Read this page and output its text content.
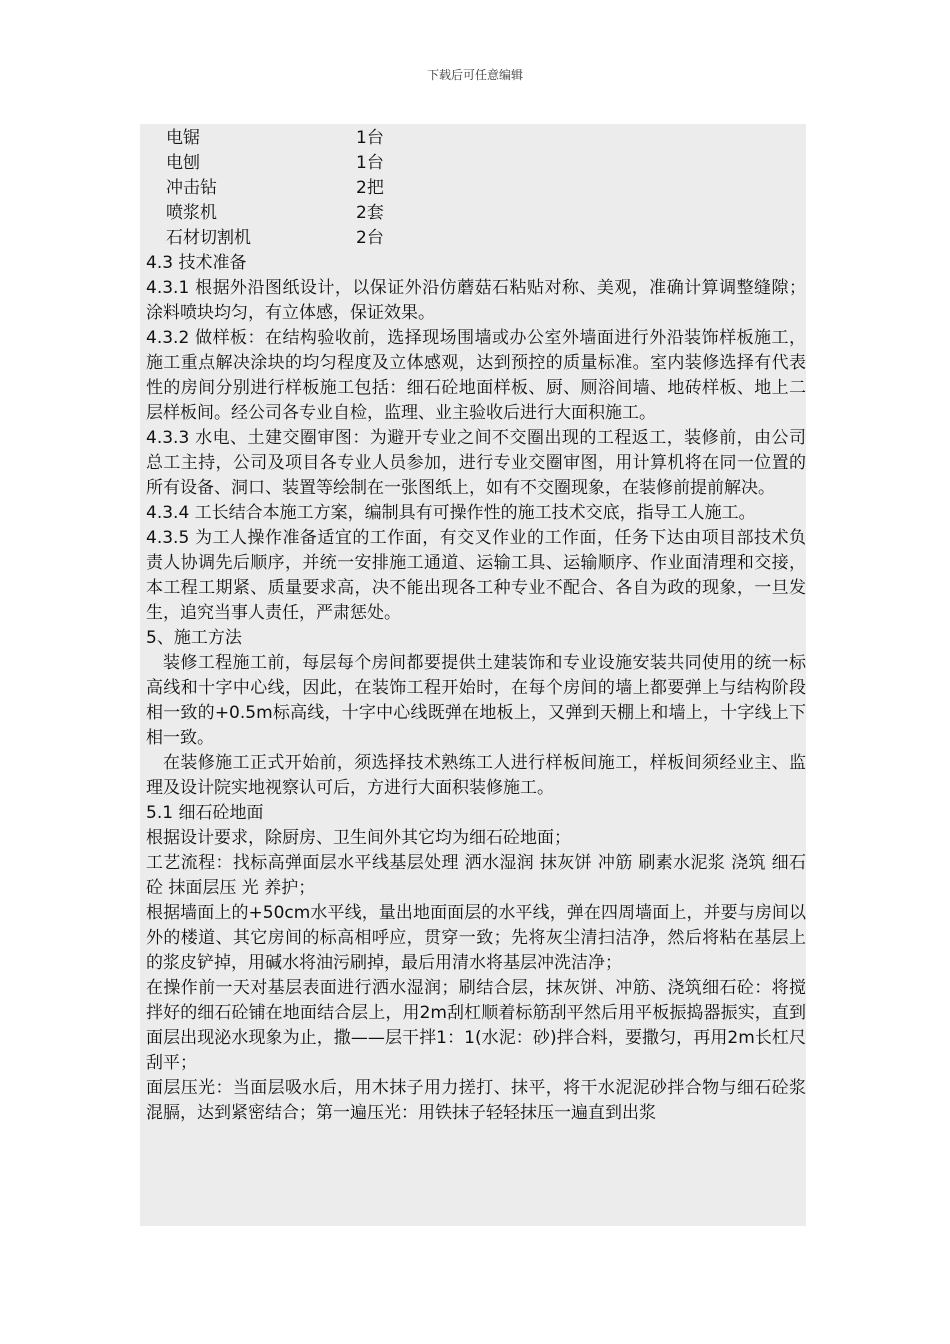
下载后可任意编辑
电锯	1台
电刨	1台
冲击钻	2把
喷浆机	2套
石材切割机	2台

4.3 技术准备

4.3.1 根据外沿图纸设计，以保证外沿仿蘑菇石粘贴对称、美观，准确计算调整缝隙；涂料喷块均匀，有立体感，保证效果。

4.3.2 做样板：在结构验收前，选择现场围墙或办公室外墙面进行外沿装饰样板施工，施工重点解决涂块的均匀程度及立体感观，达到预控的质量标准。室内装修选择有代表性的房间分别进行样板施工包括：细石砼地面样板、厨、厕浴间墙、地砖样板、地上二层样板间。经公司各专业自检，监理、业主验收后进行大面积施工。

4.3.3 水电、土建交圈审图：为避开专业之间不交圈出现的工程返工，装修前，由公司总工主持，公司及项目各专业人员参加，进行专业交圈审图，用计算机将在同一位置的所有设备、洞口、装置等绘制在一张图纸上，如有不交圈现象，在装修前提前解决。

4.3.4 工长结合本施工方案，编制具有可操作性的施工技术交底，指导工人施工。

4.3.5 为工人操作准备适宜的工作面，有交叉作业的工作面，任务下达由项目部技术负责人协调先后顺序，并统一安排施工通道、运输工具、运输顺序、作业面清理和交接，本工程工期紧、质量要求高，决不能出现各工种专业不配合、各自为政的现象，一旦发生，追究当事人责任，严肃惩处。

5、施工方法

装修工程施工前，每层每个房间都要提供土建装饰和专业设施安装共同使用的统一标高线和十字中心线，因此，在装饰工程开始时，在每个房间的墙上都要弹上与结构阶段相一致的+0.5m标高线，十字中心线既弹在地板上，又弹到天棚上和墙上，十字线上下相一致。

在装修施工正式开始前，须选择技术熟练工人进行样板间施工，样板间须经业主、监理及设计院实地视察认可后，方进行大面积装修施工。

5.1 细石砼地面

根据设计要求，除厨房、卫生间外其它均为细石砼地面；

工艺流程：找标高弹面层水平线基层处理 洒水湿润 抹灰饼 冲筋 刷素水泥浆 浇筑 细石砼 抹面层压 光 养护；

根据墙面上的+50cm水平线，量出地面面层的水平线，弹在四周墙面上，并要与房间以外的楼道、其它房间的标高相呼应，贯穿一致；先将灰尘清扫洁净，然后将粘在基层上的浆皮铲掉，用碱水将油污刷掉，最后用清水将基层冲洗洁净；

在操作前一天对基层表面进行洒水湿润；刷结合层，抹灰饼、冲筋、浇筑细石砼：将搅拌好的细石砼铺在地面结合层上，用2m刮杠顺着标筋刮平然后用平板振捣器振实，直到面层出现泌水现象为止，撒——层干拌1：1(水泥：砂)拌合料，要撒匀，再用2m长杠尺刮平；

面层压光：当面层吸水后，用木抹子用力搓打、抹平，将干水泥泥砂拌合物与细石砼浆混膈，达到紧密结合；第一遍压光：用铁抹子轻轻抹压一遍直到出浆
